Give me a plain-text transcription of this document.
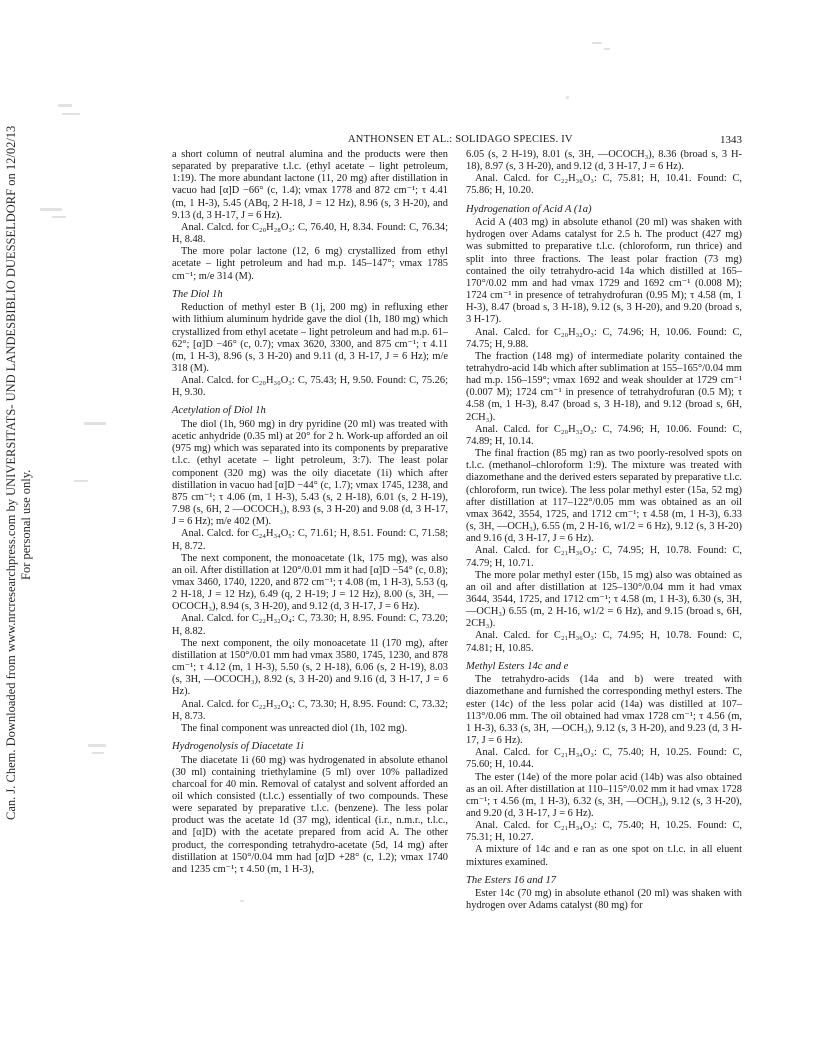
Can. J. Chem. Downloaded from www.nrcresearchpress.com by UNIVERSITATS- UND LANDESBIBLIO DUESSELDORF on 12/02/13 For personal use only.
ANTHONSEN ET AL.: SOLIDAGO SPECIES. IV	1343

a short column of neutral alumina and the products were then separated by preparative t.l.c. (ethyl acetate – light petroleum, 1:19). The more abundant lactone (11, 20 mg) after distillation in vacuo had [α]D −66° (c, 1.4); νmax 1778 and 872 cm⁻¹; τ 4.41 (m, 1 H-3), 5.45 (ABq, 2 H-18, J = 12 Hz), 8.96 (s, 3 H-20), and 9.13 (d, 3 H-17, J = 6 Hz).

Anal. Calcd. for C₂₀H₂₈O₃: C, 76.40, H, 8.34. Found: C, 76.34; H, 8.48.

The more polar lactone (12, 6 mg) crystallized from ethyl acetate – light petroleum and had m.p. 145–147°; νmax 1785 cm⁻¹; m/e 314 (M).

The Diol 1h

Reduction of methyl ester B (1j, 200 mg) in refluxing ether with lithium aluminum hydride gave the diol (1h, 180 mg) which crystallized from ethyl acetate – light petroleum and had m.p. 61–62°; [α]D −46° (c, 0.7); νmax 3620, 3300, and 875 cm⁻¹; τ 4.11 (m, 1 H-3), 8.96 (s, 3 H-20) and 9.11 (d, 3 H-17, J = 6 Hz); m/e 318 (M).

Anal. Calcd. for C₂₀H₃₀O₃: C, 75.43; H, 9.50. Found: C, 75.26; H, 9.30.

Acetylation of Diol 1h

The diol (1h, 960 mg) in dry pyridine (20 ml) was treated with acetic anhydride (0.35 ml) at 20° for 2 h. Work-up afforded an oil (975 mg) which was separated into its components by preparative t.l.c. (ethyl acetate – light petroleum, 3:7). The least polar component (320 mg) was the oily diacetate (1i) which after distillation in vacuo had [α]D −44° (c, 1.7); νmax 1745, 1238, and 875 cm⁻¹; τ 4.06 (m, 1 H-3), 5.43 (s, 2 H-18), 6.01 (s, 2 H-19), 7.98 (s, 6H, 2 —OCOCH₃), 8.93 (s, 3 H-20) and 9.08 (d, 3 H-17, J = 6 Hz); m/e 402 (M).

Anal. Calcd. for C₂₄H₃₄O₅: C, 71.61; H, 8.51. Found: C, 71.58; H, 8.72.

The next component, the monoacetate (1k, 175 mg), was also an oil. After distillation at 120°/0.01 mm it had [α]D −54° (c, 0.8); νmax 3460, 1740, 1220, and 872 cm⁻¹; τ 4.08 (m, 1 H-3), 5.53 (q, 2 H-18, J = 12 Hz), 6.49 (q, 2 H-19; J = 12 Hz), 8.00 (s, 3H, —OCOCH₃), 8.94 (s, 3 H-20), and 9.12 (d, 3 H-17, J = 6 Hz).

Anal. Calcd. for C₂₂H₃₂O₄: C, 73.30; H, 8.95. Found: C, 73.20; H, 8.82.

The next component, the oily monoacetate 1l (170 mg), after distillation at 150°/0.01 mm had νmax 3580, 1745, 1230, and 878 cm⁻¹; τ 4.12 (m, 1 H-3), 5.50 (s, 2 H-18), 6.06 (s, 2 H-19), 8.03 (s, 3H, —OCOCH₃), 8.92 (s, 3 H-20) and 9.16 (d, 3 H-17, J = 6 Hz).

Anal. Calcd. for C₂₂H₃₂O₄: C, 73.30; H, 8.95. Found: C, 73.32; H, 8.73.

The final component was unreacted diol (1h, 102 mg).

Hydrogenolysis of Diacetate 1i

The diacetate 1i (60 mg) was hydrogenated in absolute ethanol (30 ml) containing triethylamine (5 ml) over 10% palladized charcoal for 40 min. Removal of catalyst and solvent afforded an oil which consisted (t.l.c.) essentially of two compounds. These were separated by preparative t.l.c. (benzene). The less polar product was the acetate 1d (37 mg), identical (i.r., n.m.r., t.l.c., and [α]D) with the acetate prepared from acid A. The other product, the corresponding tetrahydro-acetate (5d, 14 mg) after distillation at 150°/0.04 mm had [α]D +28° (c, 1.2); νmax 1740 and 1235 cm⁻¹; τ 4.50 (m, 1 H-3),

6.05 (s, 2 H-19), 8.01 (s, 3H, —OCOCH₃), 8.36 (broad s, 3 H-18), 8.97 (s, 3 H-20), and 9.12 (d, 3 H-17, J = 6 Hz).

Anal. Calcd. for C₂₂H₃₆O₃: C, 75.81; H, 10.41. Found: C, 75.86; H, 10.20.

Hydrogenation of Acid A (1a)

Acid A (403 mg) in absolute ethanol (20 ml) was shaken with hydrogen over Adams catalyst for 2.5 h. The product (427 mg) was submitted to preparative t.l.c. (chloroform, run thrice) and split into three fractions. The least polar fraction (73 mg) contained the oily tetrahydro-acid 14a which distilled at 165–170°/0.02 mm and had νmax 1729 and 1692 cm⁻¹ (0.008 M); 1724 cm⁻¹ in presence of tetrahydrofuran (0.95 M); τ 4.58 (m, 1 H-3), 8.47 (broad s, 3 H-18), 9.12 (s, 3 H-20), and 9.20 (broad s, 3 H-17).

Anal. Calcd. for C₂₀H₃₂O₃: C, 74.96; H, 10.06. Found: C, 74.75; H, 9.88.

The fraction (148 mg) of intermediate polarity contained the tetrahydro-acid 14b which after sublimation at 155–165°/0.04 mm had m.p. 156–159°; νmax 1692 and weak shoulder at 1729 cm⁻¹ (0.007 M); 1724 cm⁻¹ in presence of tetrahydrofuran (0.5 M); τ 4.58 (m, 1 H-3), 8.47 (broad s, 3 H-18), and 9.12 (broad s, 6H, 2CH₃).

Anal. Calcd. for C₂₀H₃₂O₃: C, 74.96; H, 10.06. Found: C, 74.89; H, 10.14.

The final fraction (85 mg) ran as two poorly-resolved spots on t.l.c. (methanol–chloroform 1:9). The mixture was treated with diazomethane and the derived esters separated by preparative t.l.c. (chloroform, run twice). The less polar methyl ester (15a, 52 mg) after distillation at 117–122°/0.05 mm was obtained as an oil νmax 3642, 3554, 1725, and 1712 cm⁻¹; τ 4.58 (m, 1 H-3), 6.33 (s, 3H, —OCH₃), 6.55 (m, 2 H-16, w1/2 = 6 Hz), 9.12 (s, 3 H-20) and 9.16 (d, 3 H-17, J = 6 Hz).

Anal. Calcd. for C₂₁H₃₆O₃: C, 74.95; H, 10.78. Found: C, 74.79; H, 10.71.

The more polar methyl ester (15b, 15 mg) also was obtained as an oil and after distillation at 125–130°/0.04 mm it had νmax 3644, 3544, 1725, and 1712 cm⁻¹; τ 4.58 (m, 1 H-3), 6.30 (s, 3H, —OCH₃) 6.55 (m, 2 H-16, w1/2 = 6 Hz), and 9.15 (broad s, 6H, 2CH₃).

Anal. Calcd. for C₂₁H₃₆O₃: C, 74.95; H, 10.78. Found: C, 74.81; H, 10.85.

Methyl Esters 14c and e

The tetrahydro-acids (14a and b) were treated with diazomethane and furnished the corresponding methyl esters. The ester (14c) of the less polar acid (14a) was distilled at 107–113°/0.06 mm. The oil obtained had νmax 1728 cm⁻¹; τ 4.56 (m, 1 H-3), 6.33 (s, 3H, —OCH₃), 9.12 (s, 3 H-20), and 9.23 (d, 3 H-17, J = 6 Hz).

Anal. Calcd. for C₂₁H₃₄O₃: C, 75.40; H, 10.25. Found: C, 75.60; H, 10.44.

The ester (14e) of the more polar acid (14b) was also obtained as an oil. After distillation at 110–115°/0.02 mm it had νmax 1728 cm⁻¹; τ 4.56 (m, 1 H-3), 6.32 (s, 3H, —OCH₃), 9.12 (s, 3 H-20), and 9.20 (d, 3 H-17, J = 6 Hz).

Anal. Calcd. for C₂₁H₃₄O₃: C, 75.40; H, 10.25. Found: C, 75.31; H, 10.27.

A mixture of 14c and e ran as one spot on t.l.c. in all eluent mixtures examined.

The Esters 16 and 17

Ester 14c (70 mg) in absolute ethanol (20 ml) was shaken with hydrogen over Adams catalyst (80 mg) for
